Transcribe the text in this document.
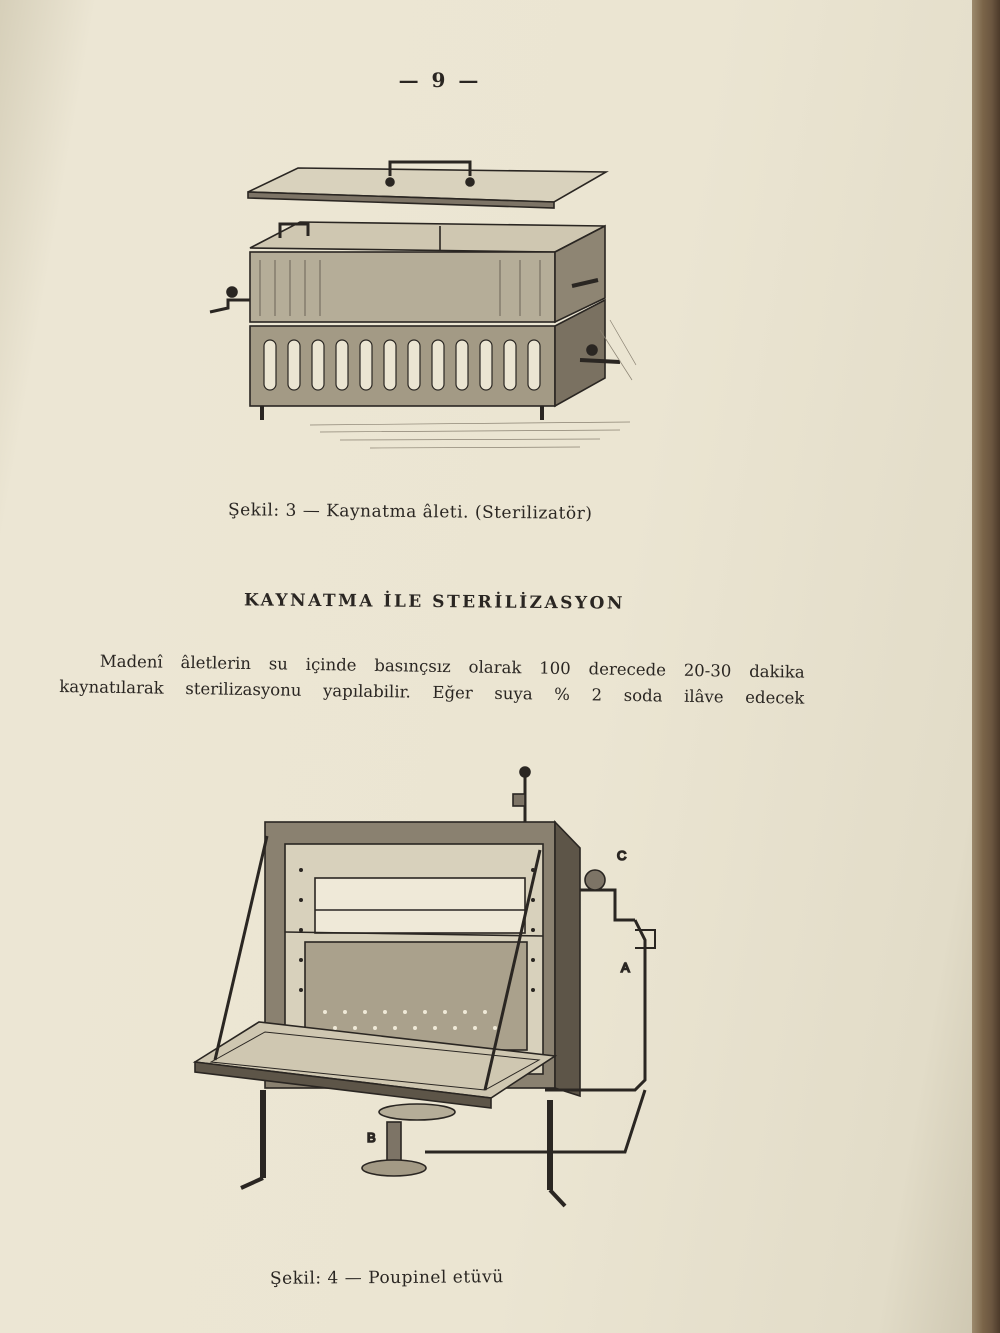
— 9 —
Şekil: 3 — Kaynatma âleti. (Sterilizatör)
KAYNATMA İLE STERİLİZASYON

Madenî âletlerin su içinde basınçsız olarak 100 derecede 20-30 dakika

kaynatılarak sterilizasyonu yapılabilir. Eğer suya % 2 soda ilâve edecek

C
A
B
Şekil: 4 — Poupinel etüvü
